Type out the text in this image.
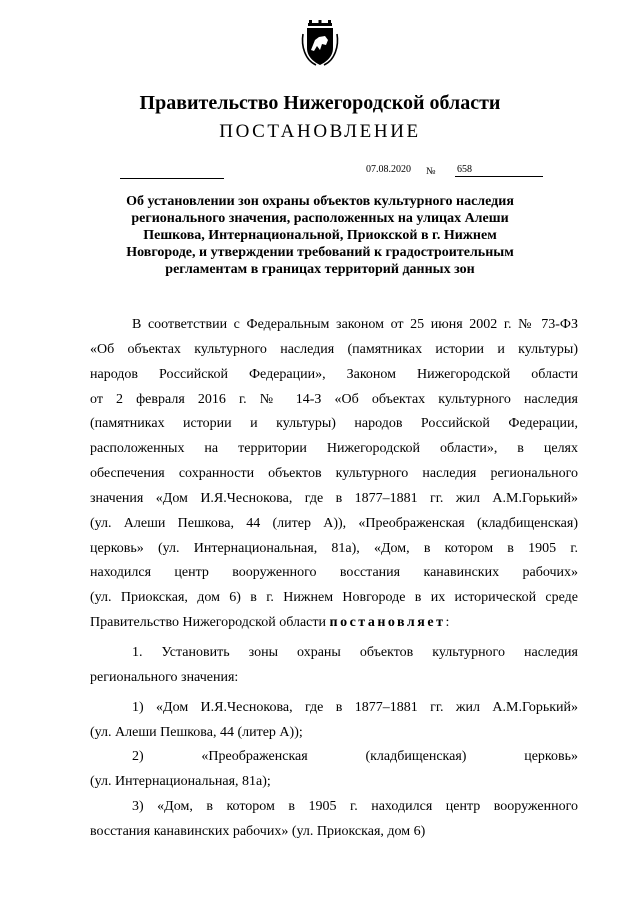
Правительство Нижегородской области
ПОСТАНОВЛЕНИЕ
07.08.2020 № 658
Об установлении зон охраны объектов культурного наследия
регионального значения, расположенных на улицах Алеши
Пешкова, Интернациональной, Приокской в г. Нижнем
Новгороде, и утверждении требований к градостроительным
регламентам в границах территорий данных зон

В соответствии с Федеральным законом от 25 июня 2002 г. № 73-ФЗ

«Об объектах культурного наследия (памятниках истории и культуры)

народов Российской Федерации», Законом Нижегородской области

от 2 февраля 2016 г. № 14-З «Об объектах культурного наследия

(памятниках истории и культуры) народов Российской Федерации,

расположенных на территории Нижегородской области», в целях

обеспечения сохранности объектов культурного наследия регионального

значения «Дом И.Я.Чеснокова, где в 1877–1881 гг. жил А.М.Горький»

(ул. Алеши Пешкова, 44 (литер А)), «Преображенская (кладбищенская)

церковь» (ул. Интернациональная, 81а), «Дом, в котором в 1905 г.

находился центр вооруженного восстания канавинских рабочих»

(ул. Приокская, дом 6) в г. Нижнем Новгороде в их исторической среде

Правительство Нижегородской области постановляет:

1. Установить зоны охраны объектов культурного наследия

регионального значения:

1) «Дом И.Я.Чеснокова, где в 1877–1881 гг. жил А.М.Горький»

(ул. Алеши Пешкова, 44 (литер А));

2) «Преображенская (кладбищенская) церковь»

(ул. Интернациональная, 81а);

3) «Дом, в котором в 1905 г. находился центр вооруженного

восстания канавинских рабочих» (ул. Приокская, дом 6)
